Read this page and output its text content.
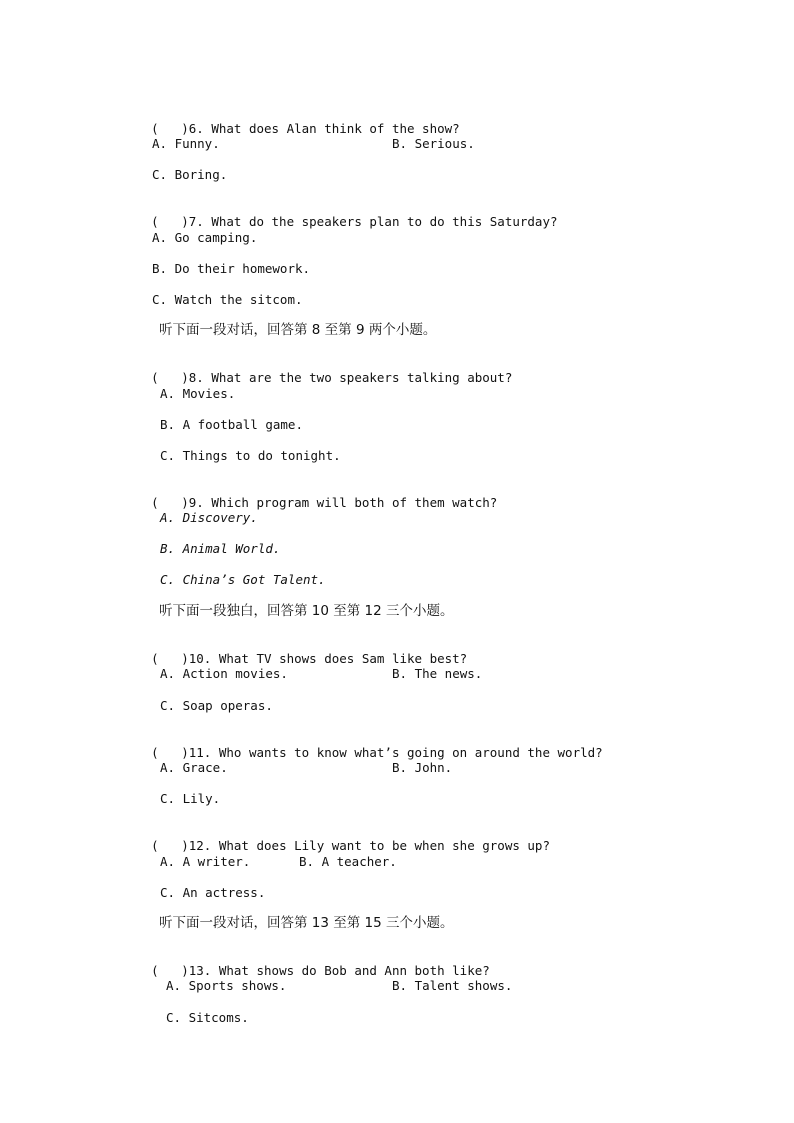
(   )6. What does Alan think of the show?

A. Funny.	B. Serious.
C. Boring.

(   )7. What do the speakers plan to do this Saturday?

A. Go camping.
B. Do their homework.
C. Watch the sitcom.
听下面一段对话，回答第 8 至第 9 两个小题。

(   )8. What are the two speakers talking about?

A. Movies.
B. A football game.
C. Things to do tonight.

(   )9. Which program will both of them watch?

A. Discovery.
B. Animal World.
C. China’s Got Talent.
听下面一段独白，回答第 10 至第 12 三个小题。

(   )10. What TV shows does Sam like best?

A. Action movies.	B. The news.
C. Soap operas.

(   )11. Who wants to know what’s going on around the world?

A. Grace.	B. John.
C. Lily.

(   )12. What does Lily want to be when she grows up?

A. A writer.	B. A teacher.
C. An actress.
听下面一段对话，回答第 13 至第 15 三个小题。

(   )13. What shows do Bob and Ann both like?

A. Sports shows.	B. Talent shows.
C. Sitcoms.
